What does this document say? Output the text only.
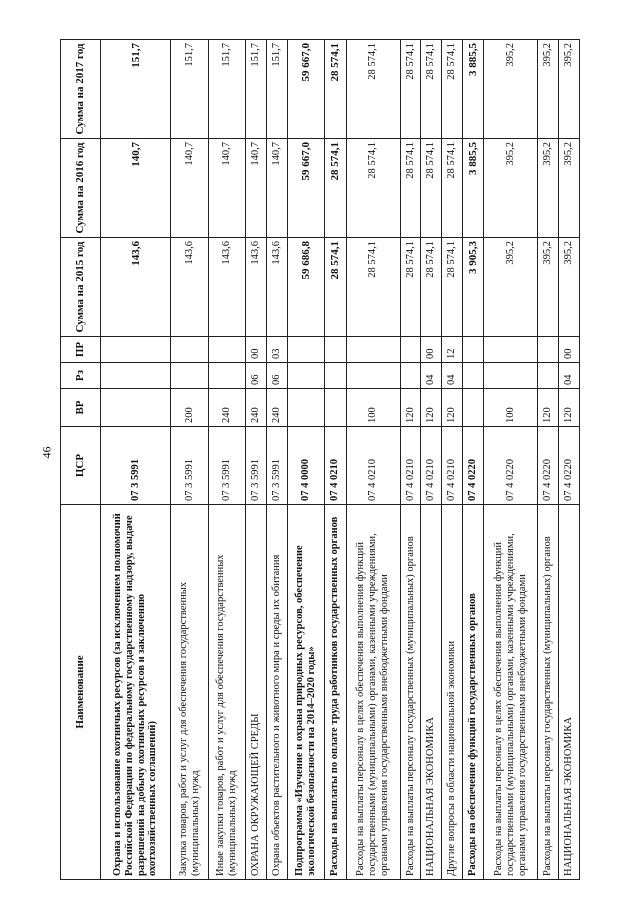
46
Наименование	ЦСР	ВР	Рз	ПР	Сумма на 2015 год	Сумма на 2016 год	Сумма на 2017 год
Охрана и использование охотничьих ресурсов (за исключением полномочий Российской Федерации по федеральному государственному надзору, выдаче разрешений на добычу охотничьих ресурсов и заключению охотхозяйственных соглашений)	07 3 5991				143,6	140,7	151,7
Закупка товаров, работ и услуг для обеспечения государственных (муниципальных) нужд	07 3 5991	200			143,6	140,7	151,7
Иные закупки товаров, работ и услуг для обеспечения государственных (муниципальных) нужд	07 3 5991	240			143,6	140,7	151,7
ОХРАНА ОКРУЖАЮЩЕЙ СРЕДЫ	07 3 5991	240	06	00	143,6	140,7	151,7
Охрана объектов растительного и животного мира и среды их обитания	07 3 5991	240	06	03	143,6	140,7	151,7
Подпрограмма «Изучение и охрана природных ресурсов, обеспечение экологической безопасности на 2014–2020 годы»	07 4 0000				59 686,8	59 667,0	59 667,0
Расходы на выплаты по оплате труда работников государственных органов	07 4 0210				28 574,1	28 574,1	28 574,1
Расходы на выплаты персоналу в целях обеспечения выполнения функций государственными (муниципальными) органами, казенными учреждениями, органами управления государственными внебюджетными фондами	07 4 0210	100			28 574,1	28 574,1	28 574,1
Расходы на выплаты персоналу государственных (муниципальных) органов	07 4 0210	120			28 574,1	28 574,1	28 574,1
НАЦИОНАЛЬНАЯ ЭКОНОМИКА	07 4 0210	120	04	00	28 574,1	28 574,1	28 574,1
Другие вопросы в области национальной экономики	07 4 0210	120	04	12	28 574,1	28 574,1	28 574,1
Расходы на обеспечение функций государственных органов	07 4 0220				3 905,3	3 885,5	3 885,5
Расходы на выплаты персоналу в целях обеспечения выполнения функций государственными (муниципальными) органами, казенными учреждениями, органами управления государственными внебюджетными фондами	07 4 0220	100			395,2	395,2	395,2
Расходы на выплаты персоналу государственных (муниципальных) органов	07 4 0220	120			395,2	395,2	395,2
НАЦИОНАЛЬНАЯ ЭКОНОМИКА	07 4 0220	120	04	00	395,2	395,2	395,2
